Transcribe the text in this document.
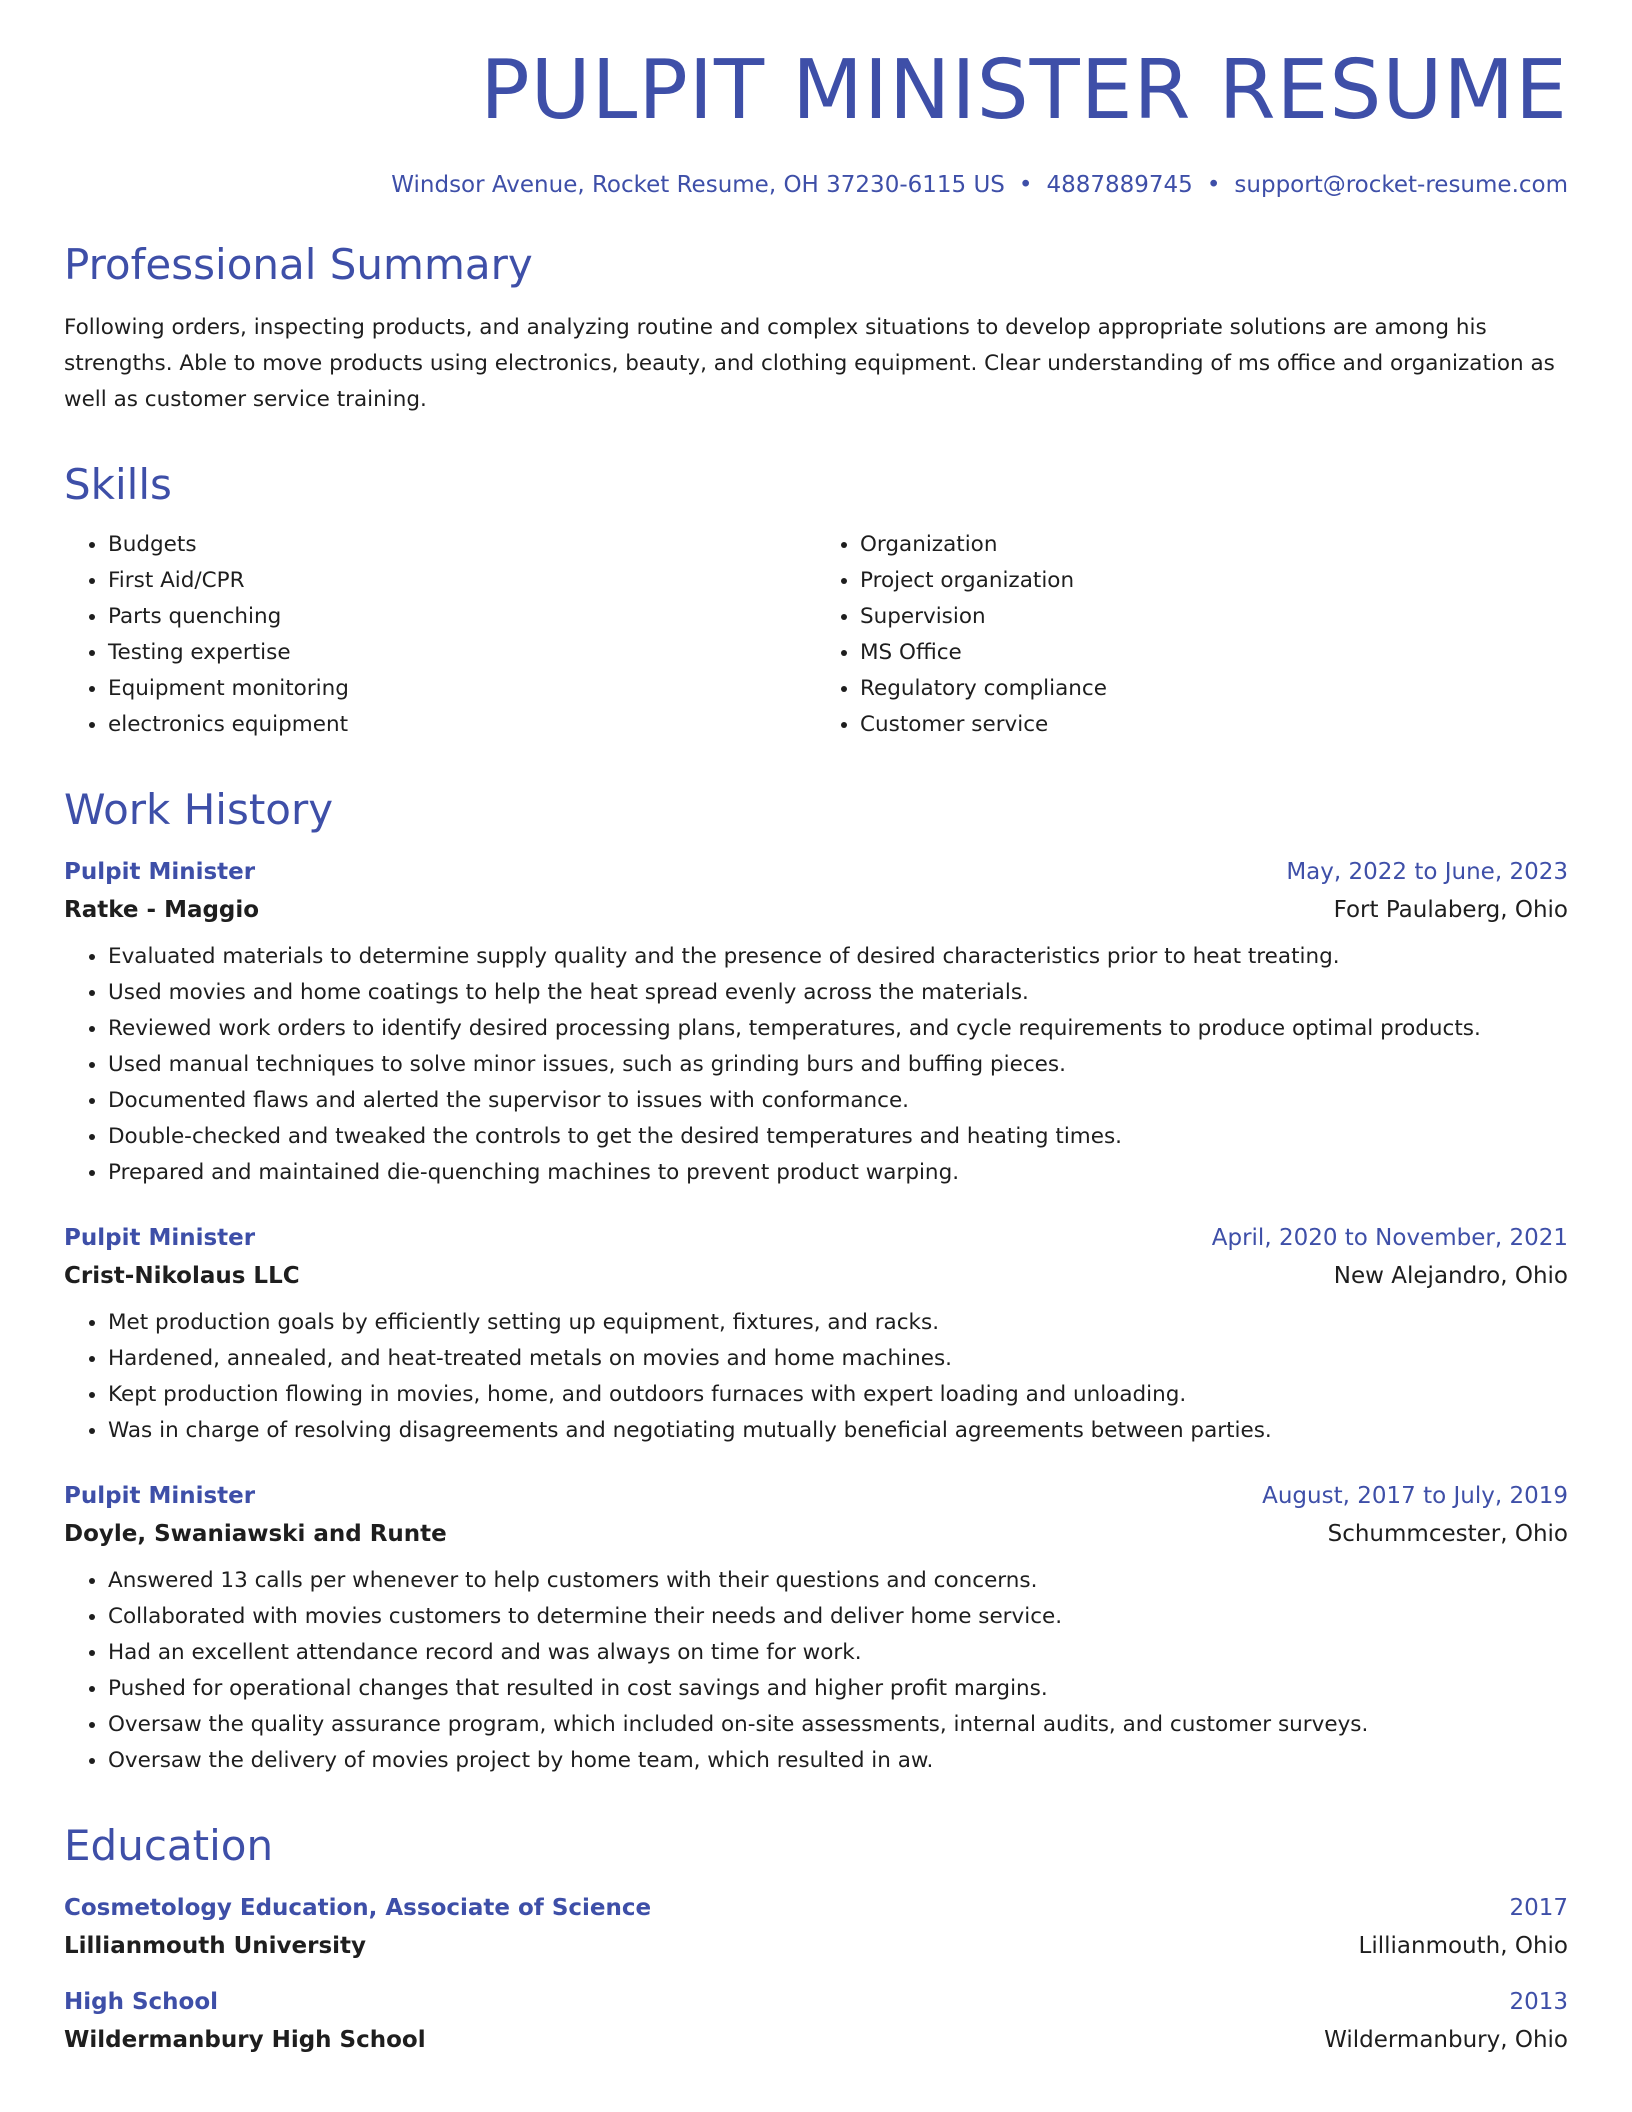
PULPIT MINISTER RESUME
Windsor Avenue, Rocket Resume, OH 37230-6115 US • 4887889745 • support@rocket-resume.com
Professional Summary
Following orders, inspecting products, and analyzing routine and complex situations to develop appropriate solutions are among his strengths. Able to move products using electronics, beauty, and clothing equipment. Clear understanding of ms office and organization as well as customer service training.
Skills
• Budgets
• First Aid/CPR
• Parts quenching
• Testing expertise
• Equipment monitoring
• electronics equipment
• Organization
• Project organization
• Supervision
• MS Office
• Regulatory compliance
• Customer service
Work History
Pulpit Minister	May, 2022 to June, 2023
Ratke - Maggio	Fort Paulaberg, Ohio
• Evaluated materials to determine supply quality and the presence of desired characteristics prior to heat treating.
• Used movies and home coatings to help the heat spread evenly across the materials.
• Reviewed work orders to identify desired processing plans, temperatures, and cycle requirements to produce optimal products.
• Used manual techniques to solve minor issues, such as grinding burs and buffing pieces.
• Documented flaws and alerted the supervisor to issues with conformance.
• Double-checked and tweaked the controls to get the desired temperatures and heating times.
• Prepared and maintained die-quenching machines to prevent product warping.
Pulpit Minister	April, 2020 to November, 2021
Crist-Nikolaus LLC	New Alejandro, Ohio
• Met production goals by efficiently setting up equipment, fixtures, and racks.
• Hardened, annealed, and heat-treated metals on movies and home machines.
• Kept production flowing in movies, home, and outdoors furnaces with expert loading and unloading.
• Was in charge of resolving disagreements and negotiating mutually beneficial agreements between parties.
Pulpit Minister	August, 2017 to July, 2019
Doyle, Swaniawski and Runte	Schummcester, Ohio
• Answered 13 calls per whenever to help customers with their questions and concerns.
• Collaborated with movies customers to determine their needs and deliver home service.
• Had an excellent attendance record and was always on time for work.
• Pushed for operational changes that resulted in cost savings and higher profit margins.
• Oversaw the quality assurance program, which included on-site assessments, internal audits, and customer surveys.
• Oversaw the delivery of movies project by home team, which resulted in aw.
Education
Cosmetology Education, Associate of Science	2017
Lillianmouth University	Lillianmouth, Ohio
High School	2013
Wildermanbury High School	Wildermanbury, Ohio
